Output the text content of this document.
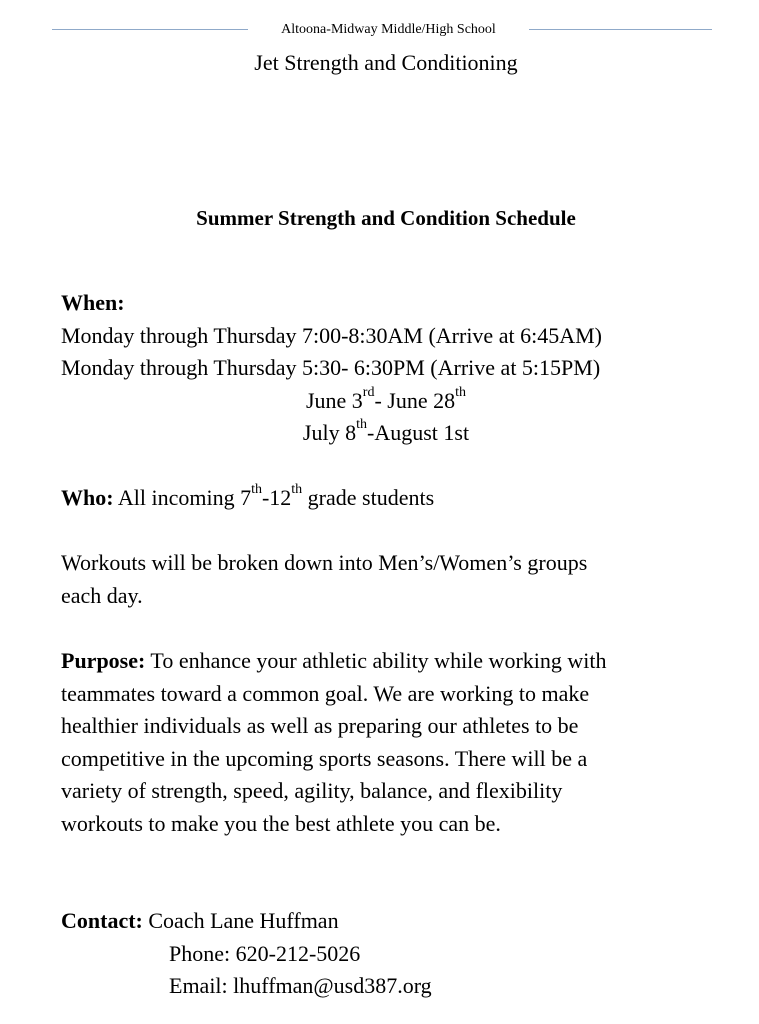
Altoona-Midway Middle/High School
Jet Strength and Conditioning
Summer Strength and Condition Schedule
When:
Monday through Thursday 7:00-8:30AM (Arrive at 6:45AM)
Monday through Thursday 5:30- 6:30PM (Arrive at 5:15PM)
June 3rd- June 28th
July 8th-August 1st
Who: All incoming 7th-12th grade students
Workouts will be broken down into Men’s/Women’s groups
each day.
Purpose: To enhance your athletic ability while working with
teammates toward a common goal. We are working to make
healthier individuals as well as preparing our athletes to be
competitive in the upcoming sports seasons. There will be a
variety of strength, speed, agility, balance, and flexibility
workouts to make you the best athlete you can be.
Contact: Coach Lane Huffman
Phone: 620-212-5026
Email: lhuffman@usd387.org
